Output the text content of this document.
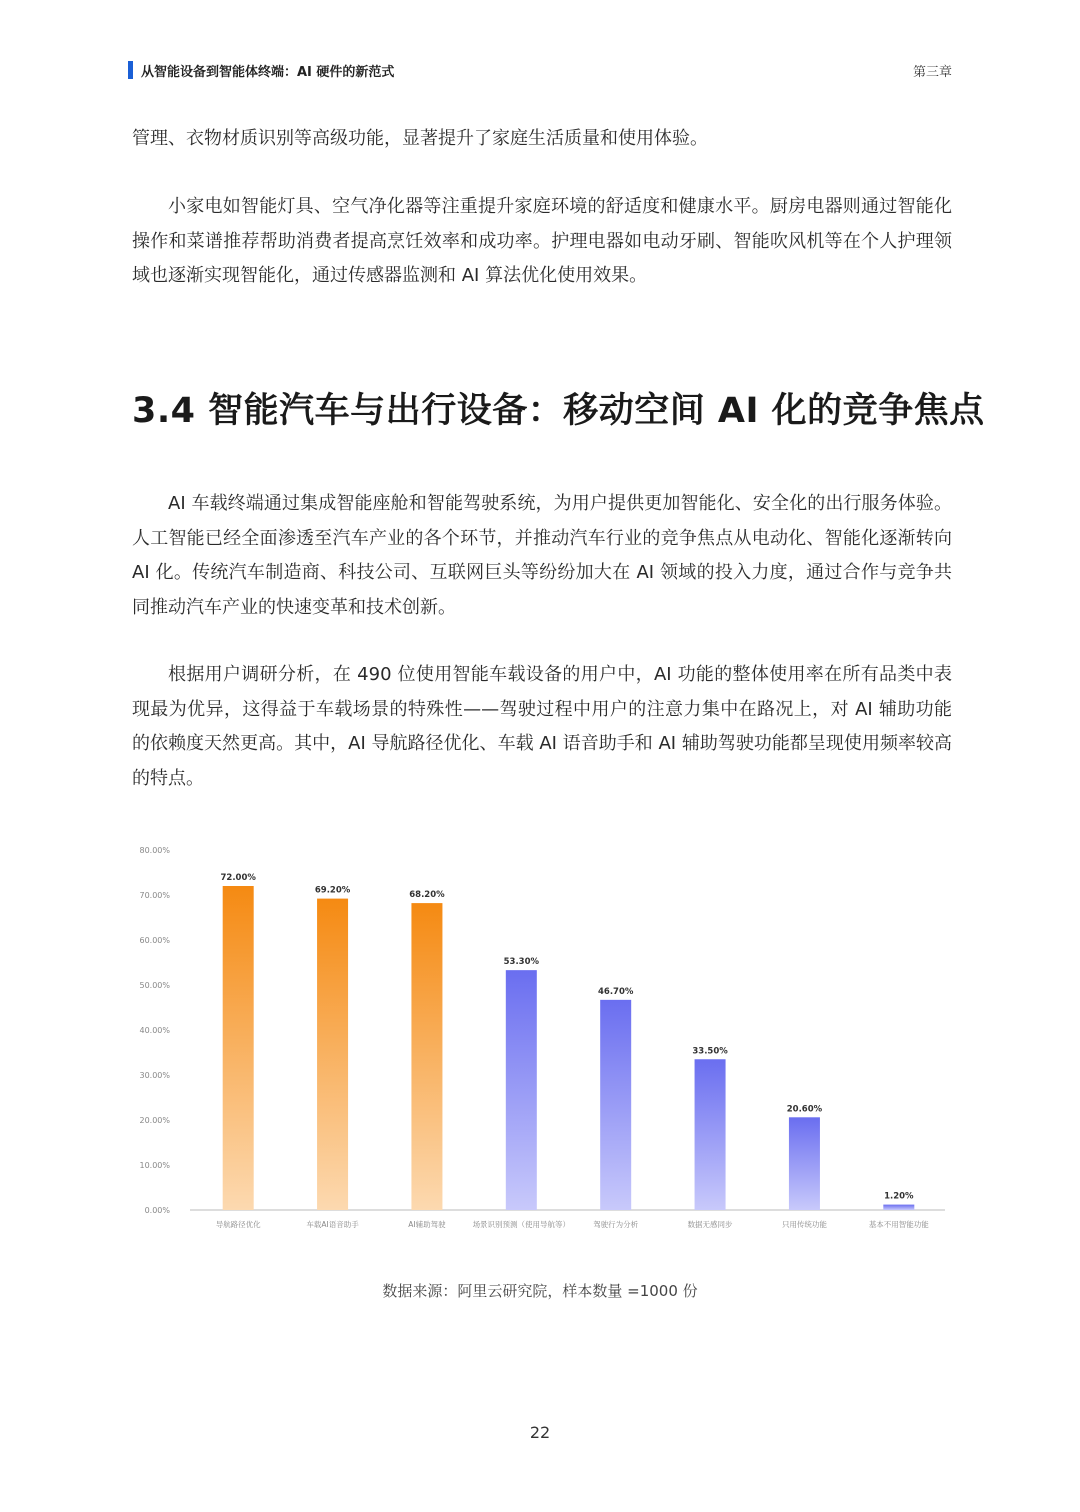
从智能设备到智能体终端：AI 硬件的新范式	第三章

管理、衣物材质识别等高级功能，显著提升了家庭生活质量和使用体验。

小家电如智能灯具、空气净化器等注重提升家庭环境的舒适度和健康水平。厨房电器则通过智能化操作和菜谱推荐帮助消费者提高烹饪效率和成功率。护理电器如电动牙刷、智能吹风机等在个人护理领域也逐渐实现智能化，通过传感器监测和 AI 算法优化使用效果。

3.4 智能汽车与出行设备：移动空间 AI 化的竞争焦点

AI 车载终端通过集成智能座舱和智能驾驶系统，为用户提供更加智能化、安全化的出行服务体验。人工智能已经全面渗透至汽车产业的各个环节，并推动汽车行业的竞争焦点从电动化、智能化逐渐转向 AI 化。传统汽车制造商、科技公司、互联网巨头等纷纷加大在 AI 领域的投入力度，通过合作与竞争共同推动汽车产业的快速变革和技术创新。

根据用户调研分析，在 490 位使用智能车载设备的用户中，AI 功能的整体使用率在所有品类中表现最为优异，这得益于车载场景的特殊性——驾驶过程中用户的注意力集中在路况上，对 AI 辅助功能的依赖度天然更高。其中，AI 导航路径优化、车载 AI 语音助手和 AI 辅助驾驶功能都呈现使用频率较高的特点。

0.00%
10.00%
20.00%
30.00%
40.00%
50.00%
60.00%
70.00%
80.00%
72.00%
导航路径优化
69.20%
车载AI语音助手
68.20%
AI辅助驾驶
53.30%
场景识别预测（使用导航等）
46.70%
驾驶行为分析
33.50%
数据无感同步
20.60%
只用传统功能
1.20%
基本不用智能功能
数据来源：阿里云研究院，样本数量 =1000 份
22
